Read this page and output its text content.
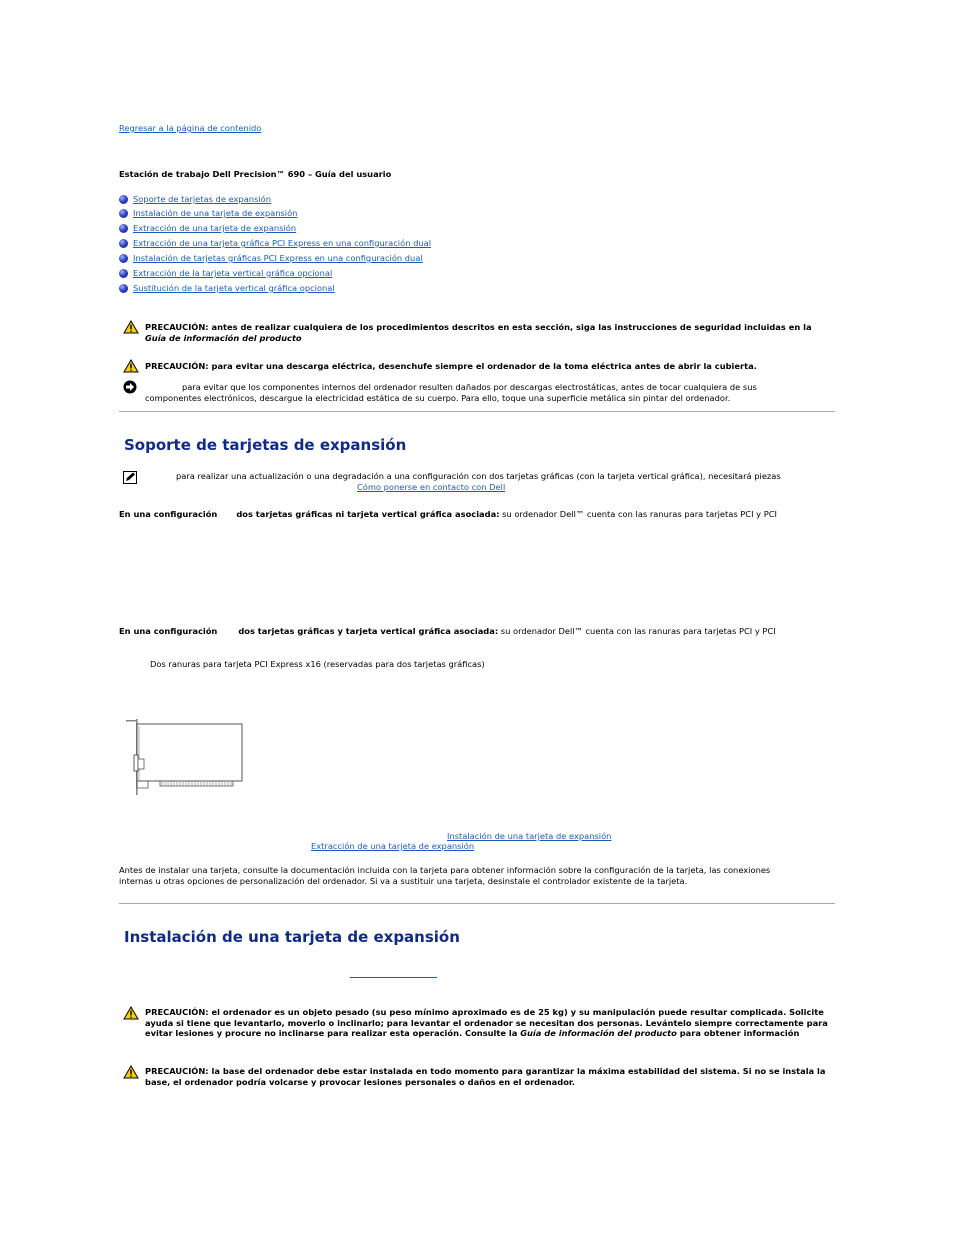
Regresar a la página de contenido
Estación de trabajo Dell Precision™ 690 – Guía del usuario
Soporte de tarjetas de expansión
Instalación de una tarjeta de expansión
Extracción de una tarjeta de expansión
Extracción de una tarjeta gráfica PCI Express en una configuración dual
Instalación de tarjetas gráficas PCI Express en una configuración dual
Extracción de la tarjeta vertical gráfica opcional
Sustitución de la tarjeta vertical gráfica opcional
PRECAUCIÓN: antes de realizar cualquiera de los procedimientos descritos en esta sección, siga las instrucciones de seguridad incluidas en la
Guía de información del producto
PRECAUCIÓN: para evitar una descarga eléctrica, desenchufe siempre el ordenador de la toma eléctrica antes de abrir la cubierta.
para evitar que los componentes internos del ordenador resulten dañados por descargas electrostáticas, antes de tocar cualquiera de sus
componentes electrónicos, descargue la electricidad estática de su cuerpo. Para ello, toque una superficie metálica sin pintar del ordenador.
Soporte de tarjetas de expansión
para realizar una actualización o una degradación a una configuración con dos tarjetas gráficas (con la tarjeta vertical gráfica), necesitará piezas
Cómo ponerse en contacto con Dell
En una configuración dos tarjetas gráficas ni tarjeta vertical gráfica asociada: su ordenador Dell™ cuenta con las ranuras para tarjetas PCI y PCI
En una configuración	dos tarjetas gráficas y tarjeta vertical gráfica asociada: su ordenador Dell™ cuenta con las ranuras para tarjetas PCI y PCI
Dos ranuras para tarjeta PCI Express x16 (reservadas para dos tarjetas gráficas)
Instalación de una tarjeta de expansión
Extracción de una tarjeta de expansión
Antes de instalar una tarjeta, consulte la documentación incluida con la tarjeta para obtener información sobre la configuración de la tarjeta, las conexiones
internas u otras opciones de personalización del ordenador. Si va a sustituir una tarjeta, desinstale el controlador existente de la tarjeta.
Instalación de una tarjeta de expansión
PRECAUCIÓN: el ordenador es un objeto pesado (su peso mínimo aproximado es de 25 kg) y su manipulación puede resultar complicada. Solicite
ayuda si tiene que levantarlo, moverlo o inclinarlo; para levantar el ordenador se necesitan dos personas. Levántelo siempre correctamente para
evitar lesiones y procure no inclinarse para realizar esta operación. Consulte la Guía de información del producto para obtener información
PRECAUCIÓN: la base del ordenador debe estar instalada en todo momento para garantizar la máxima estabilidad del sistema. Si no se instala la
base, el ordenador podría volcarse y provocar lesiones personales o daños en el ordenador.
